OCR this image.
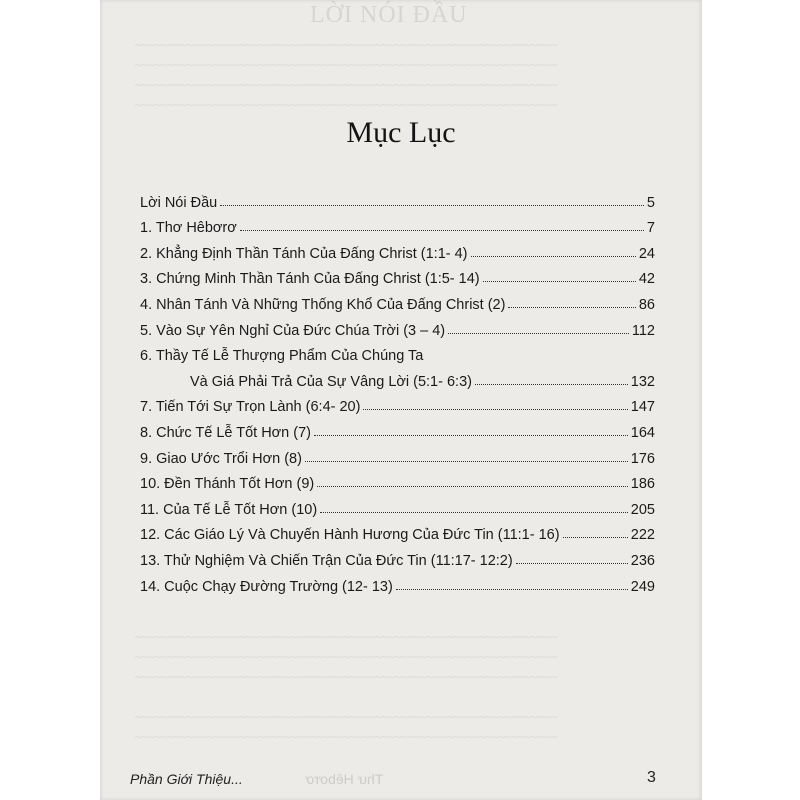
LỜI NÓI ĐẦU
~~~~~~~~~~~~~~~~~~~~~~~~~~~~~~~~~~~~~~~~~~~~~~~~~~~~~~~~~~~~~~~~~
~~~~~~~~~~~~~~~~~~~~~~~~~~~~~~~~~~~~~~~~~~~~~~~~~~~~~~~~~~~~~~~~~
~~~~~~~~~~~~~~~~~~~~~~~~~~~~~~~~~~~~~~~~~~~~~~~~~~~~~~~~~~~~~~~~~
~~~~~~~~~~~~~~~~~~~~~~~~~~~~~~~~~~~~~~~~~~~~~~~~~~~~~~~~~~~~~~~~~
~~~~~~~~~~~~~~~~~~~~~~~~~~~~~~~~~~~~~~~~~~~~~~~~~~~~~~~~~~~~~~~~~
~~~~~~~~~~~~~~~~~~~~~~~~~~~~~~~~~~~~~~~~~~~~~~~~~~~~~~~~~~~~~~~~~
~~~~~~~~~~~~~~~~~~~~~~~~~~~~~~~~~~~~~~~~~~~~~~~~~~~~~~~~~~~~~~~~~
~~~~~~~~~~~~~~~~~~~~~~~~~~~~~~~~~~~~~~~~~~~~~~~~~~~~~~~~~~~~~~~~~
~~~~~~~~~~~~~~~~~~~~~~~~~~~~~~~~~~~~~~~~~~~~~~~~~~~~~~~~~~~~~~~~~
Mục Lục
Lời Nói Đầu	5
1. Thơ Hêbơrơ	7
2. Khẳng Định Thần Tánh Của Đấng Christ (1:1- 4)	24
3. Chứng Minh Thần Tánh Của Đấng Christ (1:5- 14)	42
4. Nhân Tánh Và Những Thống Khổ Của Đấng Christ (2)	86
5. Vào Sự Yên Nghỉ Của Đức Chúa Trời (3 – 4)	112
6. Thầy Tế Lễ Thượng Phẩm Của Chúng Ta
Và Giá Phải Trả Của Sự Vâng Lời (5:1- 6:3)	132
7. Tiến Tới Sự Trọn Lành (6:4- 20)	147
8. Chức Tế Lễ Tốt Hơn (7)	164
9. Giao Ước Trổi Hơn (8)	176
10. Đền Thánh Tốt Hơn (9)	186
11. Của Tế Lễ Tốt Hơn (10)	205
12. Các Giáo Lý Và Chuyến Hành Hương Của Đức Tin (11:1- 16)	222
13. Thử Nghiệm Và Chiến Trận Của Đức Tin (11:17- 12:2)	236
14. Cuộc Chạy Đường Trường (12- 13)	249
Phần Giới Thiệu...	Thư Hêbơrơ	3
